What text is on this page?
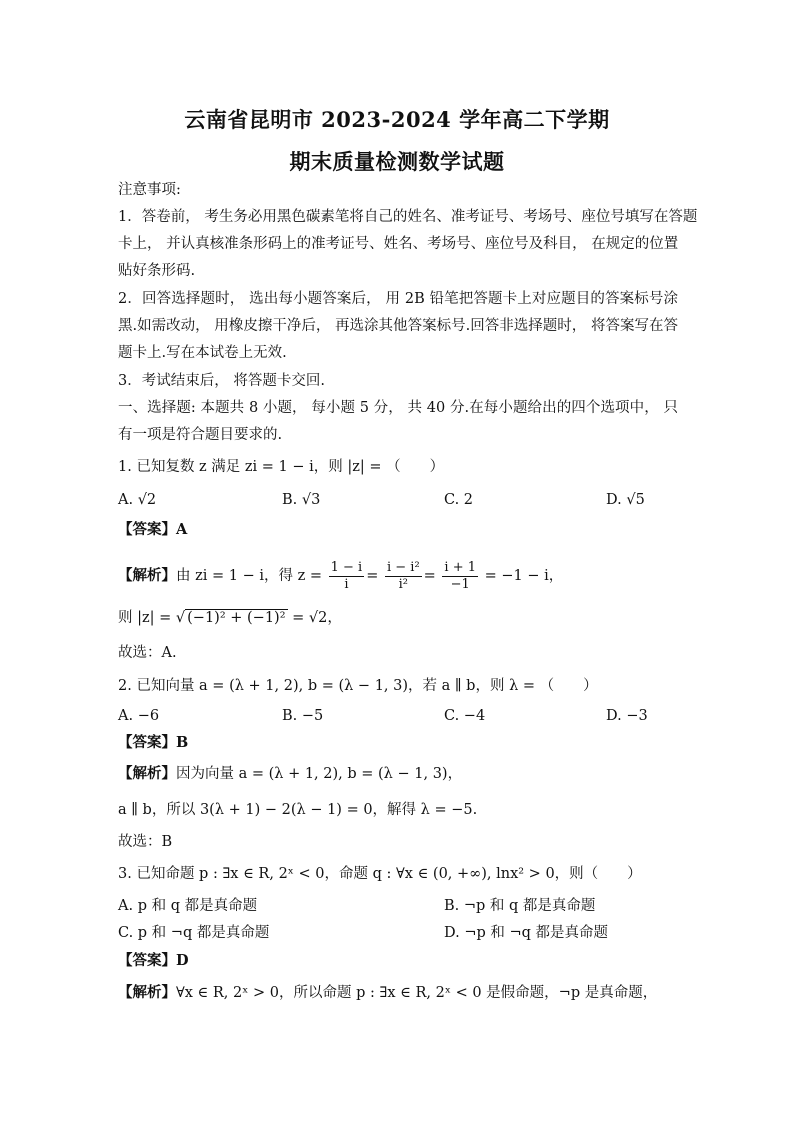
云南省昆明市 2023-2024 学年高二下学期
期末质量检测数学试题
注意事项:
1．答卷前， 考生务必用黑色碳素笔将自己的姓名、准考证号、考场号、座位号填写在答题
卡上， 并认真核准条形码上的准考证号、姓名、考场号、座位号及科目， 在规定的位置
贴好条形码.
2．回答选择题时， 选出每小题答案后， 用 2B 铅笔把答题卡上对应题目的答案标号涂
黑.如需改动， 用橡皮擦干净后， 再选涂其他答案标号.回答非选择题时， 将答案写在答
题卡上.写在本试卷上无效.
3．考试结束后， 将答题卡交回.
一、选择题: 本题共 8 小题， 每小题 5 分， 共 40 分.在每小题给出的四个选项中， 只
有一项是符合题目要求的.
1. 已知复数 z 满足 zi = 1 − i，则 |z| = （　　）
A. √2	B. √3	C. 2	D. √5
【答案】A
【解析】由 zi = 1 − i，得 $z = \frac{1 - i}{i} = \frac{\text{i − i²}}{\text{i²}} = \frac{i + 1}{-1} = -1 - i$，
则 |z| = √ (−1)² + (−1)² = √2，
故选：A.
2. 已知向量 a = (λ + 1, 2), b = (λ − 1, 3)，若 a ∥ b，则 λ = （　　）
A. −6	B. −5	C. −4	D. −3
【答案】B
【解析】因为向量 a = (λ + 1, 2), b = (λ − 1, 3)，
a ∥ b，所以 3(λ + 1) − 2(λ − 1) = 0，解得 λ = −5.
故选：B
3. 已知命题 p : ∃x ∈ R, 2ˣ < 0，命题 q : ∀x ∈ (0, +∞), lnx² > 0，则（　　）
A. p 和 q 都是真命题	B. ¬p 和 q 都是真命题
C. p 和 ¬q 都是真命题	D. ¬p 和 ¬q 都是真命题
【答案】D
【解析】∀x ∈ R, 2ˣ > 0，所以命题 p : ∃x ∈ R, 2ˣ < 0 是假命题，¬p 是真命题，
